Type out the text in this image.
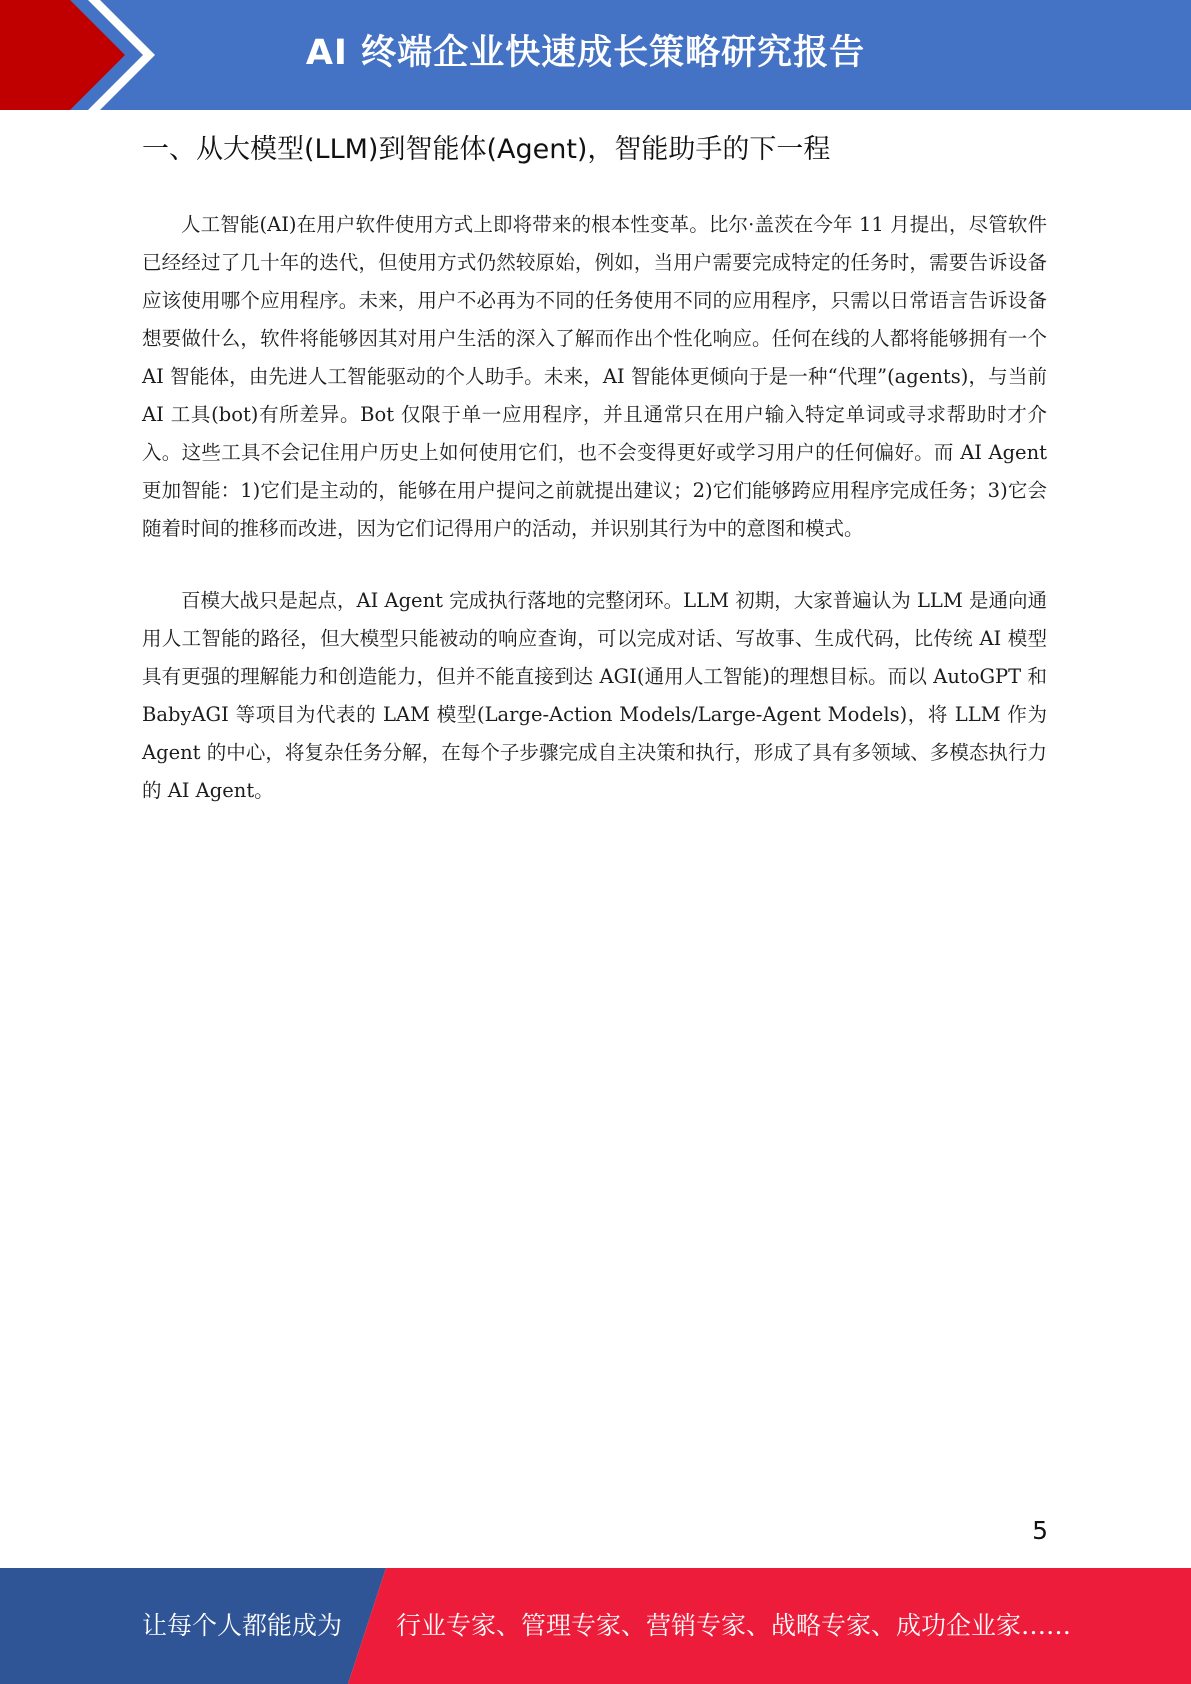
AI 终端企业快速成长策略研究报告
一、从大模型(LLM)到智能体(Agent)，智能助手的下一程

人工智能(AI)在用户软件使用方式上即将带来的根本性变革。比尔·盖茨在今年 11 月提出，尽管软件已经经过了几十年的迭代，但使用方式仍然较原始，例如，当用户需要完成特定的任务时，需要告诉设备应该使用哪个应用程序。未来，用户不必再为不同的任务使用不同的应用程序，只需以日常语言告诉设备想要做什么，软件将能够因其对用户生活的深入了解而作出个性化响应。任何在线的人都将能够拥有一个 AI 智能体，由先进人工智能驱动的个人助手。未来，AI 智能体更倾向于是一种“代理”(agents)，与当前 AI 工具(bot)有所差异。Bot 仅限于单一应用程序，并且通常只在用户输入特定单词或寻求帮助时才介入。这些工具不会记住用户历史上如何使用它们，也不会变得更好或学习用户的任何偏好。而 AI Agent 更加智能：1)它们是主动的，能够在用户提问之前就提出建议；2)它们能够跨应用程序完成任务；3)它会随着时间的推移而改进，因为它们记得用户的活动，并识别其行为中的意图和模式。

百模大战只是起点，AI Agent 完成执行落地的完整闭环。LLM 初期，大家普遍认为 LLM 是通向通用人工智能的路径，但大模型只能被动的响应查询，可以完成对话、写故事、生成代码，比传统 AI 模型具有更强的理解能力和创造能力，但并不能直接到达 AGI(通用人工智能)的理想目标。而以 AutoGPT 和 BabyAGI 等项目为代表的 LAM 模型(Large-Action Models/Large-Agent Models)，将 LLM 作为 Agent 的中心，将复杂任务分解，在每个子步骤完成自主决策和执行，形成了具有多领域、多模态执行力的 AI Agent。

5
让每个人都能成为 行业专家、管理专家、营销专家、战略专家、成功企业家……
